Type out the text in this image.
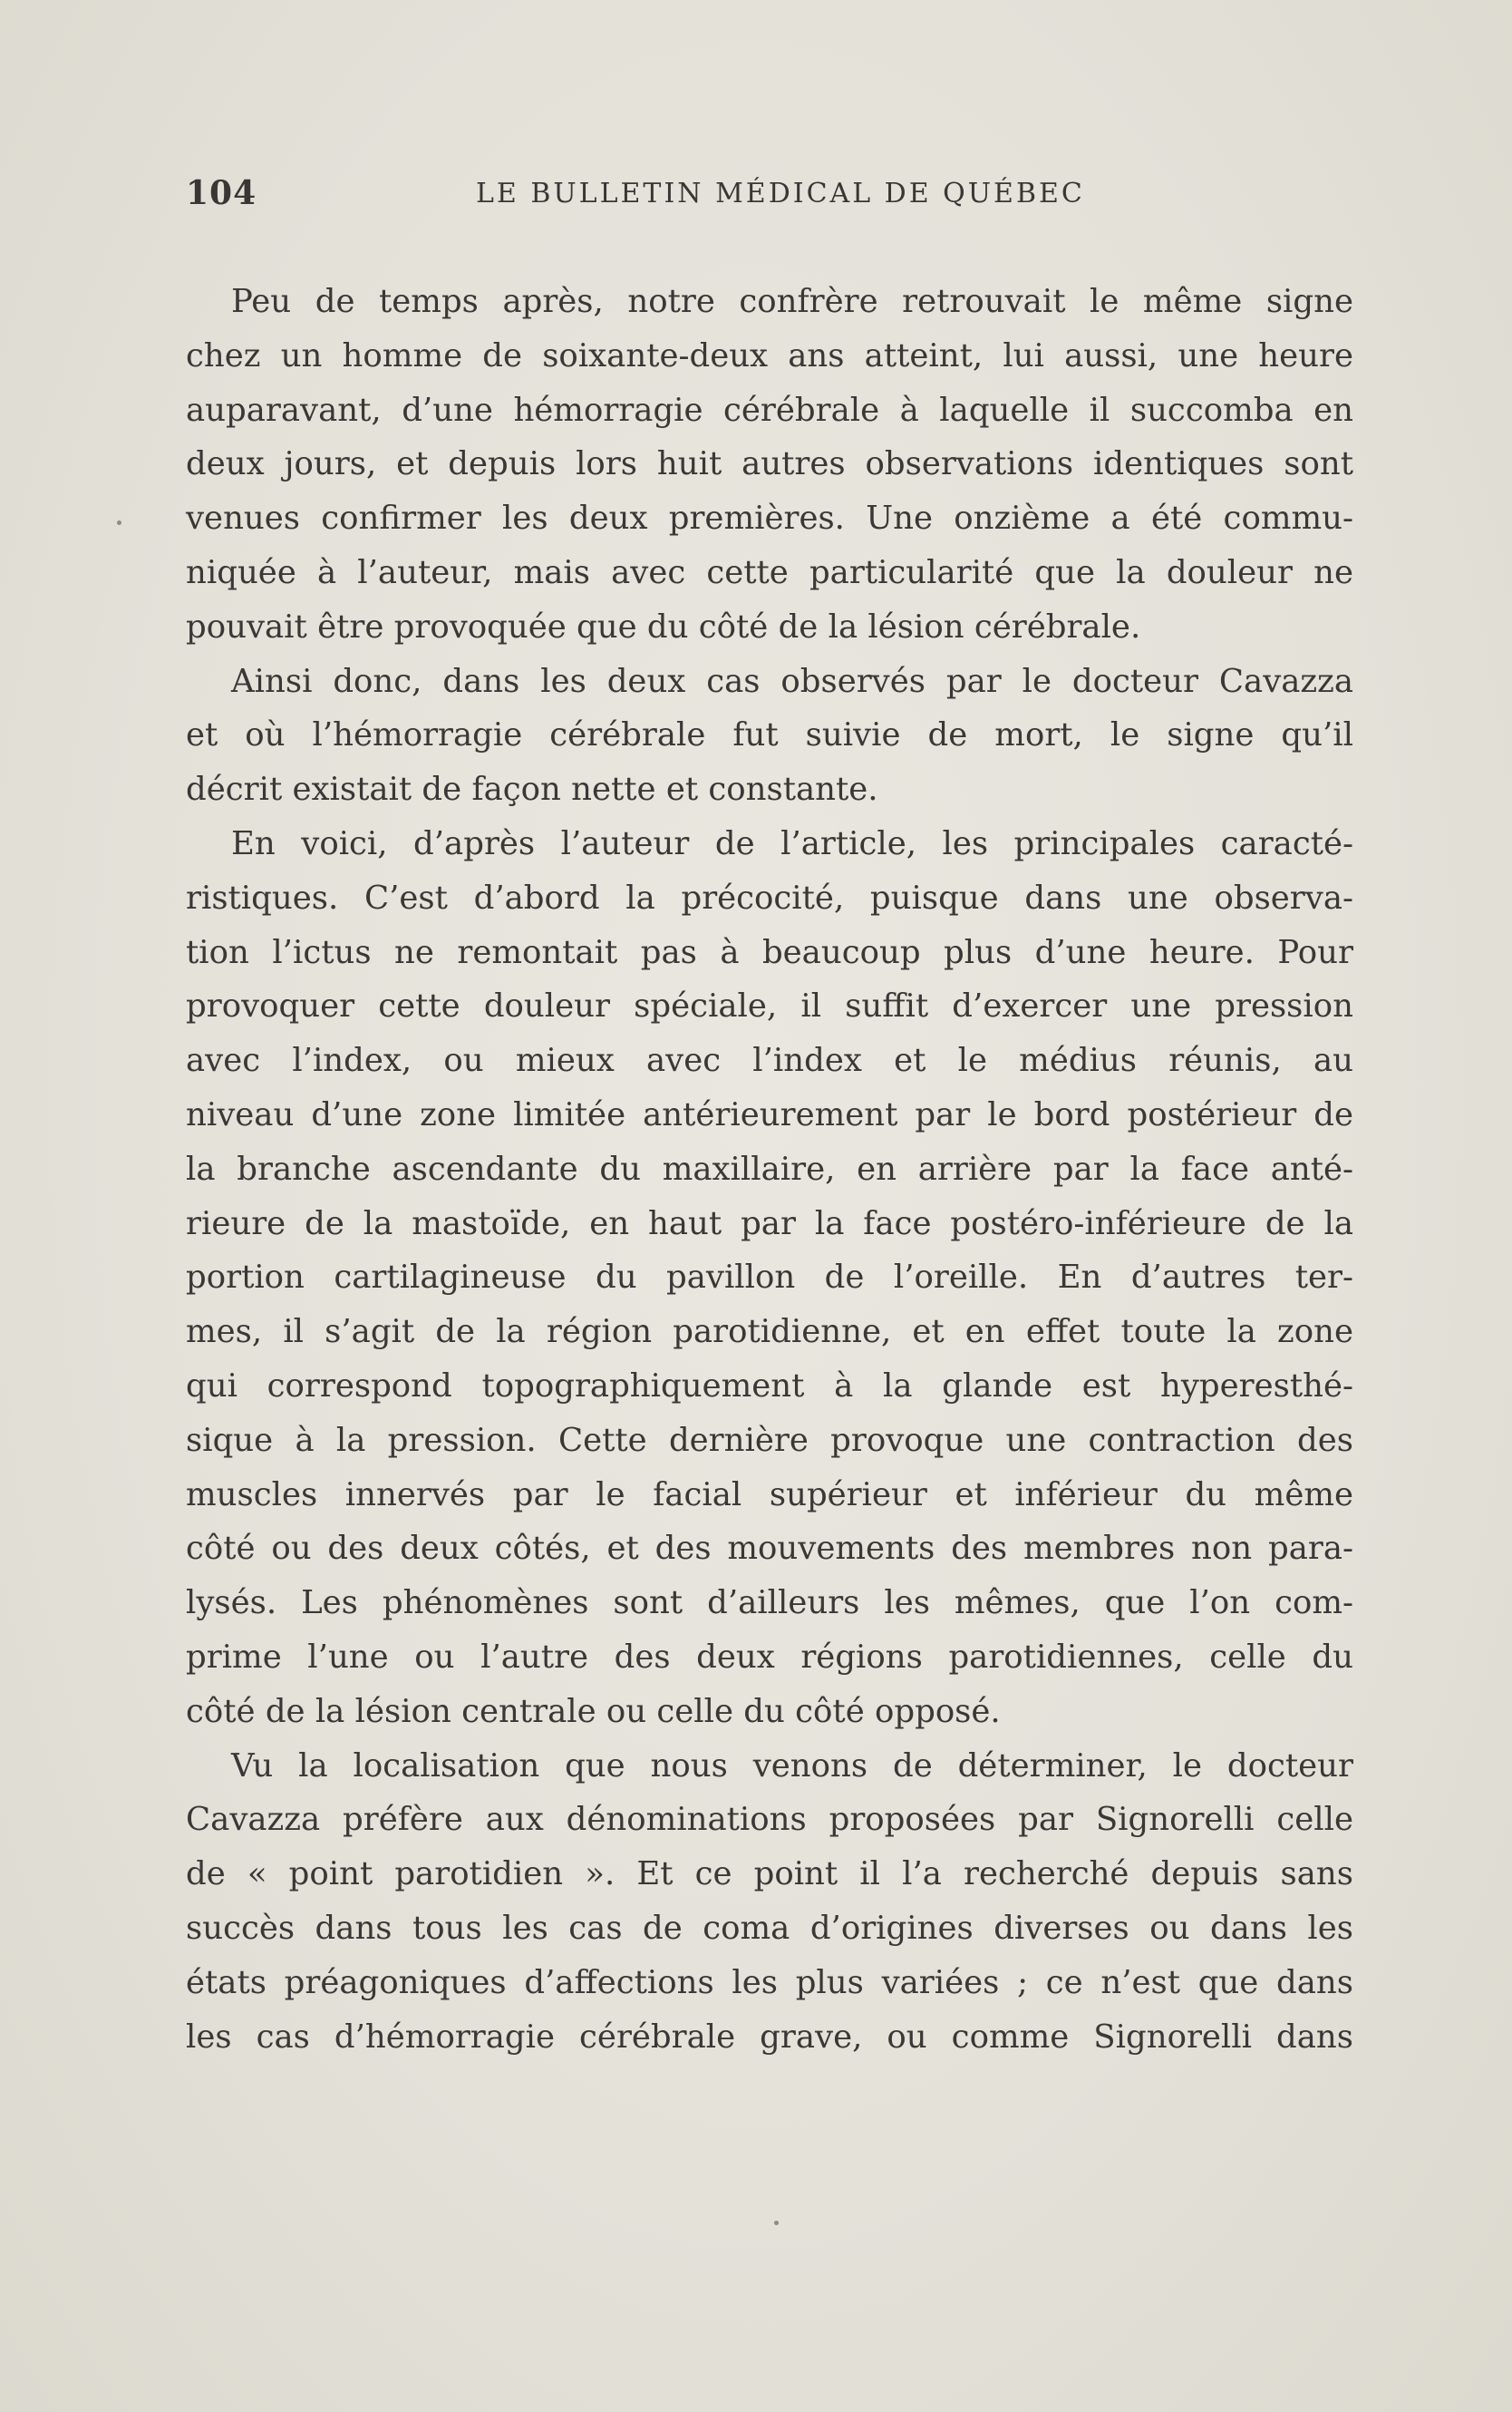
104	LE BULLETIN MÉDICAL DE QUÉBEC
Peu de temps après, notre confrère retrouvait le même signe
chez un homme de soixante-deux ans atteint, lui aussi, une heure
auparavant, d’une hémorragie cérébrale à laquelle il succomba en
deux jours, et depuis lors huit autres observations identiques sont
venues confirmer les deux premières. Une onzième a été commu-
niquée à l’auteur, mais avec cette particularité que la douleur ne
pouvait être provoquée que du côté de la lésion cérébrale.
Ainsi donc, dans les deux cas observés par le docteur Cavazza
et où l’hémorragie cérébrale fut suivie de mort, le signe qu’il
décrit existait de façon nette et constante.
En voici, d’après l’auteur de l’article, les principales caracté-
ristiques. C’est d’abord la précocité, puisque dans une observa-
tion l’ictus ne remontait pas à beaucoup plus d’une heure. Pour
provoquer cette douleur spéciale, il suffit d’exercer une pression
avec l’index, ou mieux avec l’index et le médius réunis, au
niveau d’une zone limitée antérieurement par le bord postérieur de
la branche ascendante du maxillaire, en arrière par la face anté-
rieure de la mastoïde, en haut par la face postéro-inférieure de la
portion cartilagineuse du pavillon de l’oreille. En d’autres ter-
mes, il s’agit de la région parotidienne, et en effet toute la zone
qui correspond topographiquement à la glande est hyperesthé-
sique à la pression. Cette dernière provoque une contraction des
muscles innervés par le facial supérieur et inférieur du même
côté ou des deux côtés, et des mouvements des membres non para-
lysés. Les phénomènes sont d’ailleurs les mêmes, que l’on com-
prime l’une ou l’autre des deux régions parotidiennes, celle du
côté de la lésion centrale ou celle du côté opposé.
Vu la localisation que nous venons de déterminer, le docteur
Cavazza préfère aux dénominations proposées par Signorelli celle
de « point parotidien ». Et ce point il l’a recherché depuis sans
succès dans tous les cas de coma d’origines diverses ou dans les
états préagoniques d’affections les plus variées ; ce n’est que dans
les cas d’hémorragie cérébrale grave, ou comme Signorelli dans
